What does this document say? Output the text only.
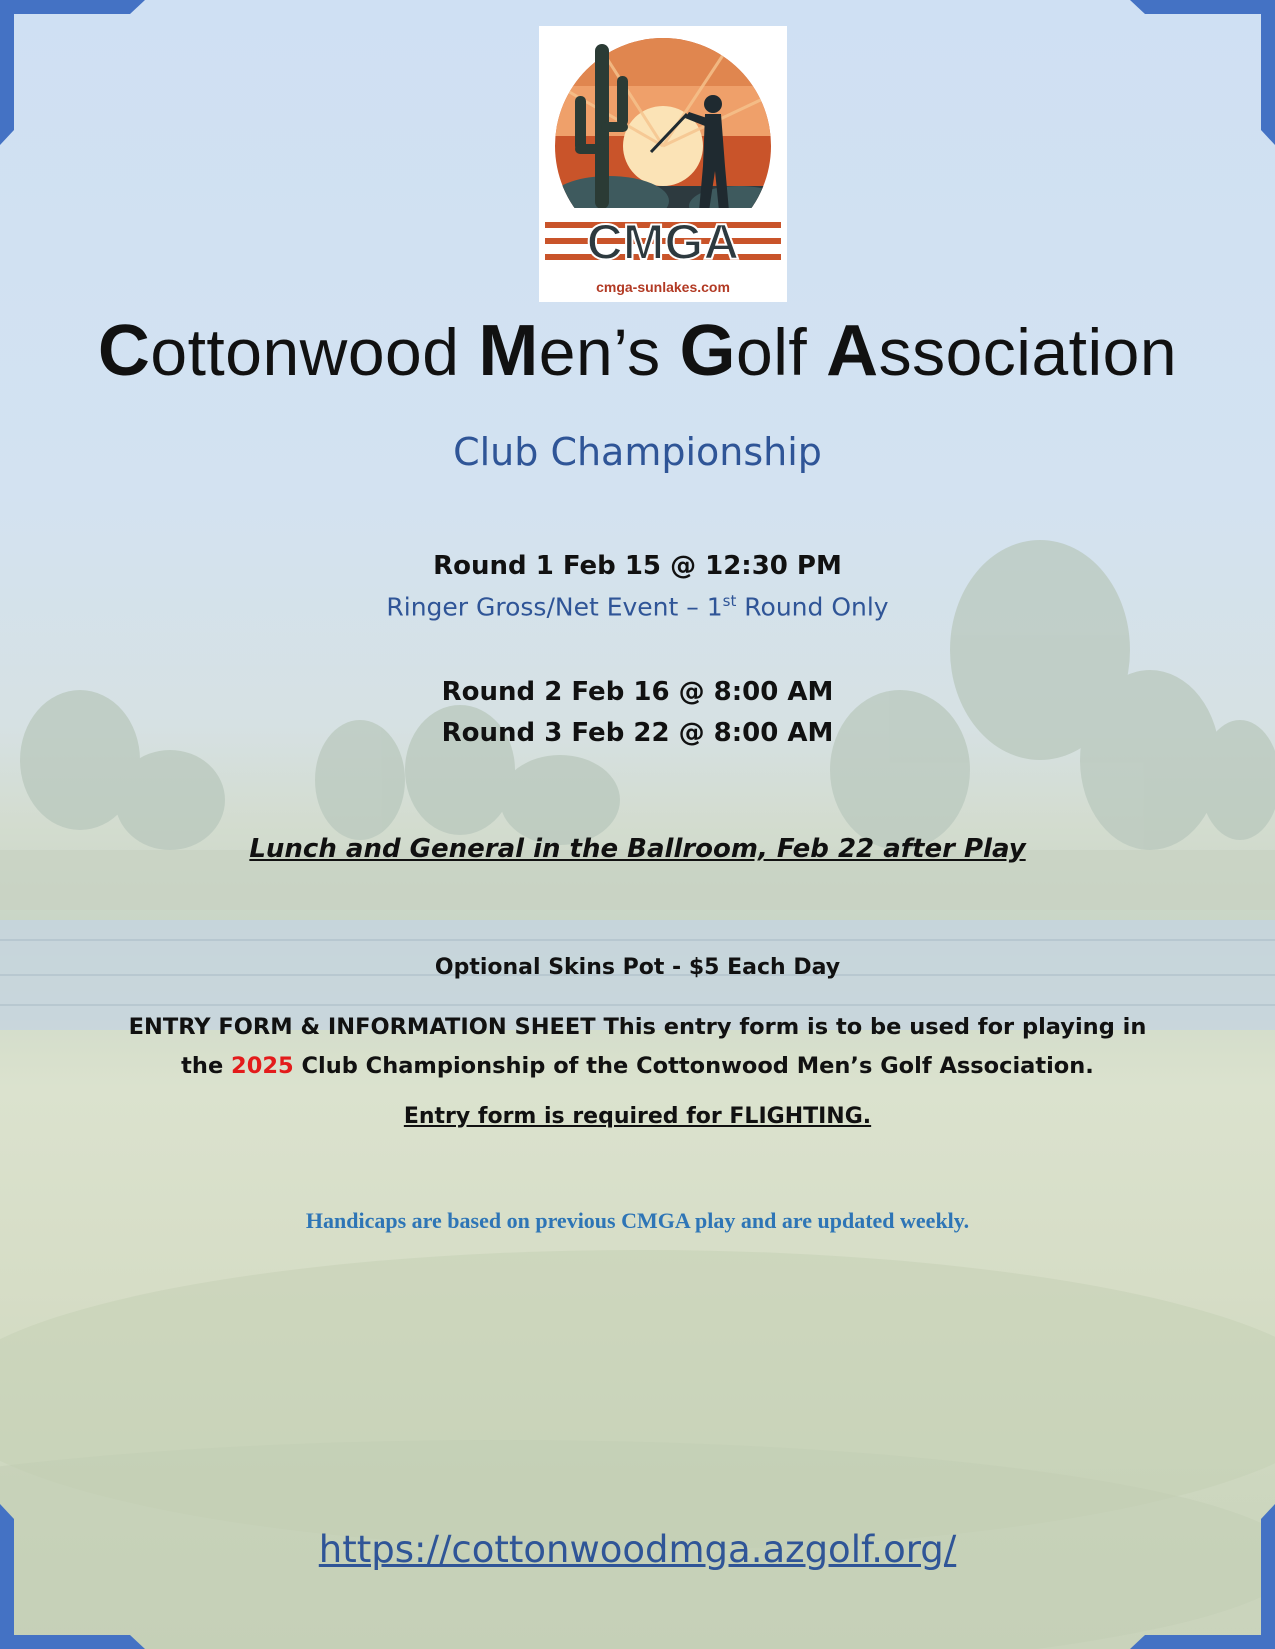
CMGA
cmga-sunlakes.com
Cottonwood Men’s Golf Association
Club Championship
Round 1 Feb 15 @ 12:30 PM
Ringer Gross/Net Event – 1st Round Only
Round 2 Feb 16 @ 8:00 AM
Round 3 Feb 22 @ 8:00 AM
Lunch and General in the Ballroom, Feb 22 after Play
Optional Skins Pot - $5 Each Day
ENTRY FORM & INFORMATION SHEET This entry form is to be used for playing in
the 2025 Club Championship of the Cottonwood Men’s Golf Association.
Entry form is required for FLIGHTING.
Handicaps are based on previous CMGA play and are updated weekly.
https://cottonwoodmga.azgolf.org/
